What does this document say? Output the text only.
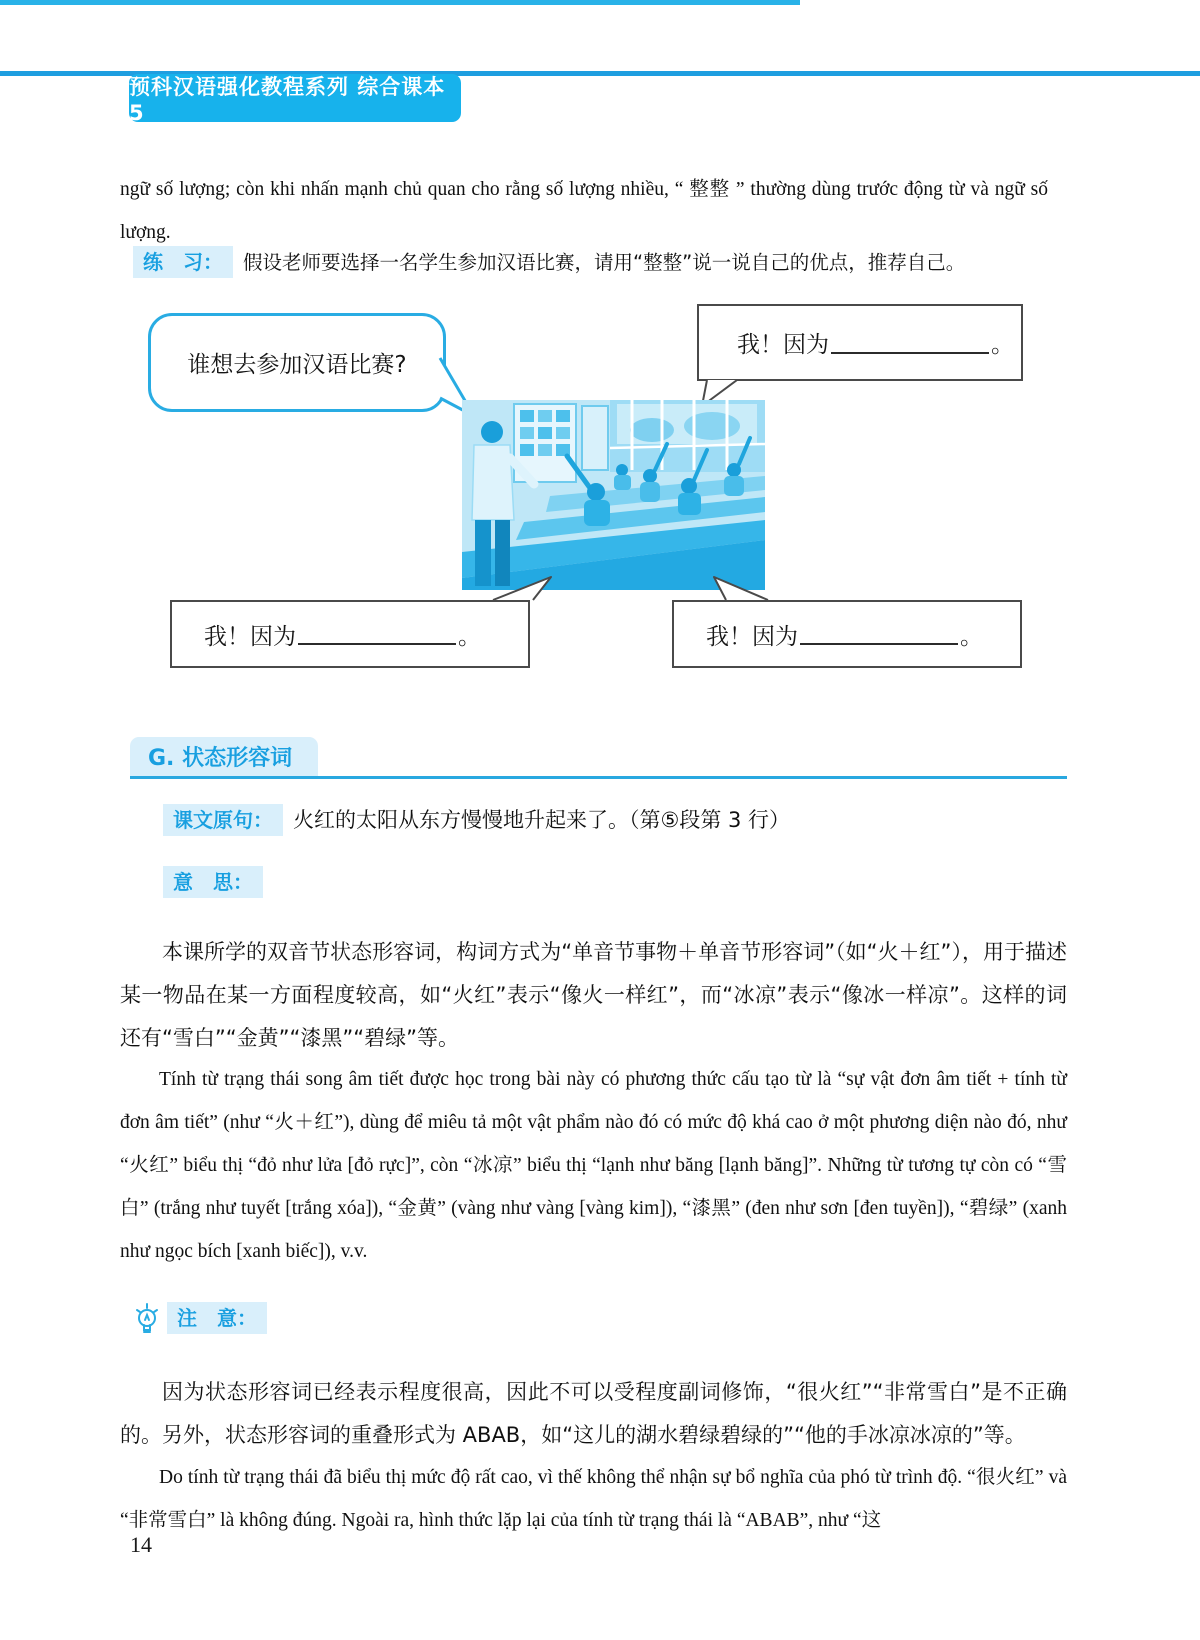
预科汉语强化教程系列 综合课本 5

ngữ số lượng; còn khi nhấn mạnh chủ quan cho rằng số lượng nhiều, “ 整整 ” thường dùng trước động từ và ngữ số lượng.

练　习： 假设老师要选择一名学生参加汉语比赛，请用“整整”说一说自己的优点，推荐自己。
谁想去参加汉语比赛?
我！因为	。
我！因为	。	我！因为	。
G. 状态形容词
课文原句： 火红的太阳从东方慢慢地升起来了。（第⑤段第 3 行）
意　思：

本课所学的双音节状态形容词，构词方式为“单音节事物＋单音节形容词”（如“火＋红”），用于描述某一物品在某一方面程度较高，如“火红”表示“像火一样红”，而“冰凉”表示“像冰一样凉”。这样的词还有“雪白”“金黄”“漆黑”“碧绿”等。

Tính từ trạng thái song âm tiết được học trong bài này có phương thức cấu tạo từ là “sự vật đơn âm tiết + tính từ đơn âm tiết” (như “火＋红”), dùng để miêu tả một vật phẩm nào đó có mức độ khá cao ở một phương diện nào đó, như “火红” biểu thị “đỏ như lửa [đỏ rực]”, còn “冰凉” biểu thị “lạnh như băng [lạnh băng]”. Những từ tương tự còn có “雪白” (trắng như tuyết [trắng xóa]), “金黄” (vàng như vàng [vàng kim]), “漆黑” (đen như sơn [đen tuyền]), “碧绿” (xanh như ngọc bích [xanh biếc]), v.v.

注　意：

因为状态形容词已经表示程度很高，因此不可以受程度副词修饰，“很火红”“非常雪白”是不正确的。另外，状态形容词的重叠形式为 ABAB，如“这儿的湖水碧绿碧绿的”“他的手冰凉冰凉的”等。

Do tính từ trạng thái đã biểu thị mức độ rất cao, vì thế không thể nhận sự bổ nghĩa của phó từ trình độ. “很火红” và “非常雪白” là không đúng. Ngoài ra, hình thức lặp lại của tính từ trạng thái là “ABAB”, như “这

14
